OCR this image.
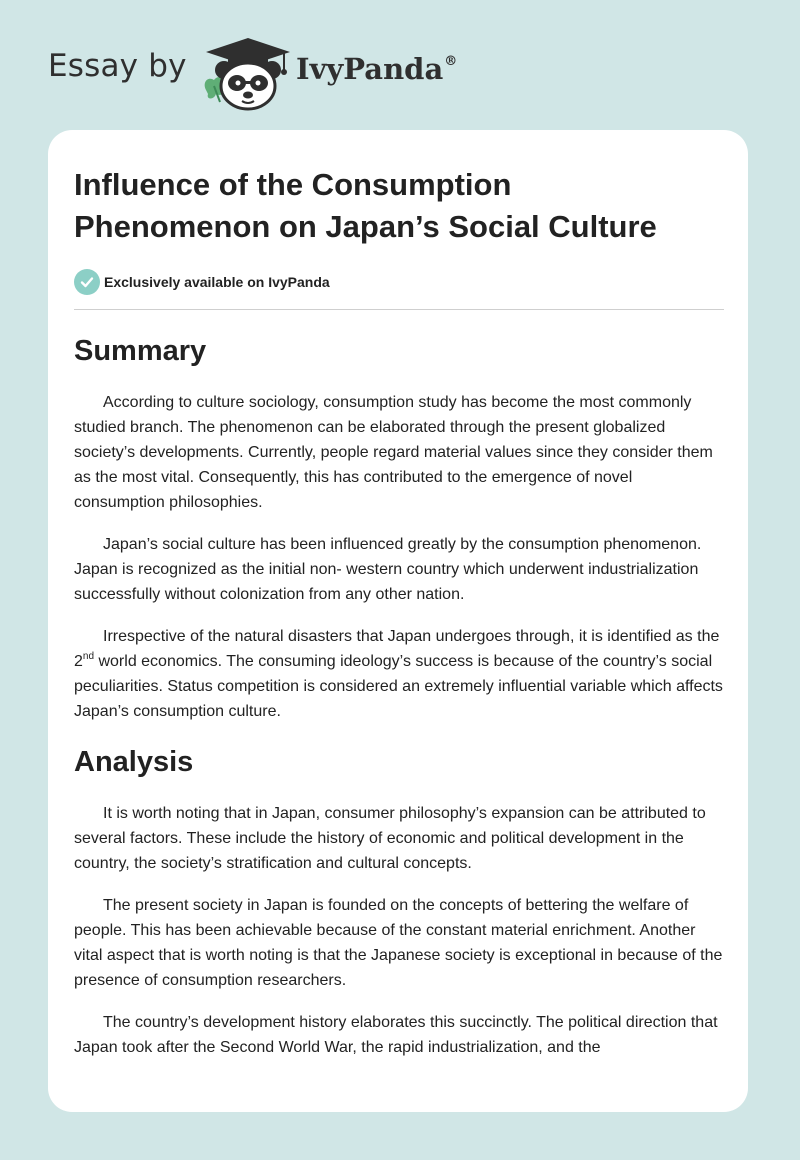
Essay by	IvyPanda®
Influence of the Consumption
Phenomenon on Japan’s Social Culture
Exclusively available on IvyPanda
Summary

According to culture sociology, consumption study has become the most commonly studied branch. The phenomenon can be elaborated through the present globalized society’s developments. Currently, people regard material values since they consider them as the most vital. Consequently, this has contributed to the emergence of novel consumption philosophies.

Japan’s social culture has been influenced greatly by the consumption phenomenon. Japan is recognized as the initial non- western country which underwent industrialization successfully without colonization from any other nation.

Irrespective of the natural disasters that Japan undergoes through, it is identified as the 2nd world economics. The consuming ideology’s success is because of the country’s social peculiarities. Status competition is considered an extremely influential variable which affects Japan’s consumption culture.

Analysis

It is worth noting that in Japan, consumer philosophy’s expansion can be attributed to several factors. These include the history of economic and political development in the country, the society’s stratification and cultural concepts.

The present society in Japan is founded on the concepts of bettering the welfare of people. This has been achievable because of the constant material enrichment. Another vital aspect that is worth noting is that the Japanese society is exceptional in because of the presence of consumption researchers.

The country’s development history elaborates this succinctly. The political direction that Japan took after the Second World War, the rapid industrialization, and the
